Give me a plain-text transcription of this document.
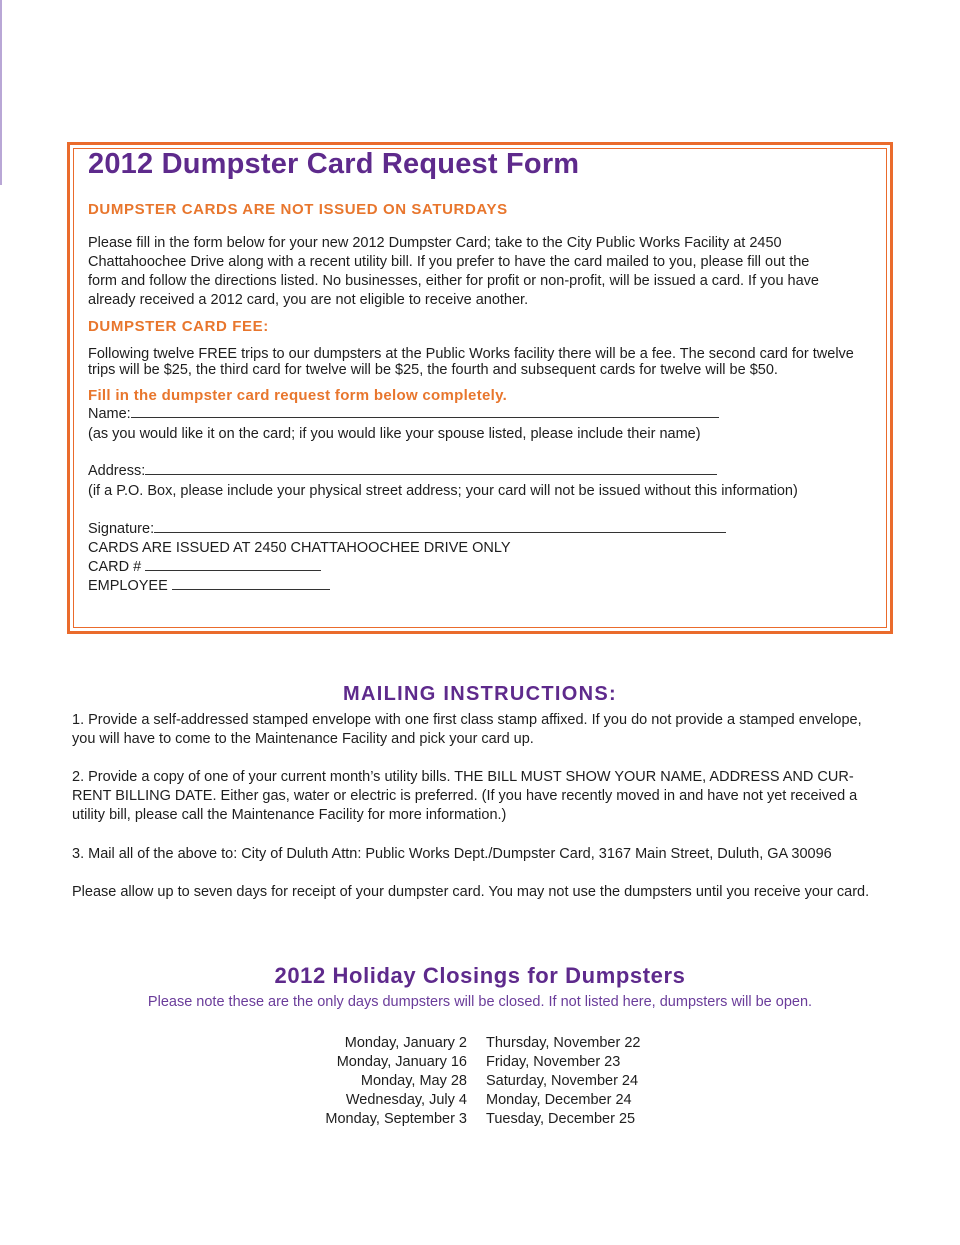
2012 Dumpster Card Request Form
DUMPSTER CARDS ARE NOT ISSUED ON SATURDAYS
Please fill in the form below for your new 2012 Dumpster Card; take to the City Public Works Facility at 2450
Chattahoochee Drive along with a recent utility bill. If you prefer to have the card mailed to you, please fill out the
form and follow the directions listed. No businesses, either for profit or non-profit, will be issued a card. If you have
already received a 2012 card, you are not eligible to receive another.
DUMPSTER CARD FEE:
Following twelve FREE trips to our dumpsters at the Public Works facility there will be a fee. The second card for twelve
trips will be $25, the third card for twelve will be $25, the fourth and subsequent cards for twelve will be $50.
Fill in the dumpster card request form below completely.
Name:
(as you would like it on the card; if you would like your spouse listed, please include their name)
Address:
(if a P.O. Box, please include your physical street address; your card will not be issued without this information)
Signature:
CARDS ARE ISSUED AT 2450 CHATTAHOOCHEE DRIVE ONLY
CARD #
EMPLOYEE
MAILING INSTRUCTIONS:
1. Provide a self-addressed stamped envelope with one first class stamp affixed. If you do not provide a stamped envelope,
you will have to come to the Maintenance Facility and pick your card up.
2. Provide a copy of one of your current month’s utility bills. THE BILL MUST SHOW YOUR NAME, ADDRESS AND CUR-
RENT BILLING DATE. Either gas, water or electric is preferred. (If you have recently moved in and have not yet received a
utility bill, please call the Maintenance Facility for more information.)
3. Mail all of the above to: City of Duluth Attn: Public Works Dept./Dumpster Card, 3167 Main Street, Duluth, GA 30096
Please allow up to seven days for receipt of your dumpster card. You may not use the dumpsters until you receive your card.
2012 Holiday Closings for Dumpsters
Please note these are the only days dumpsters will be closed. If not listed here, dumpsters will be open.
Monday, January 2
Monday, January 16
Monday, May 28
Wednesday, July 4
Monday, September 3
Thursday, November 22
Friday, November 23
Saturday, November 24
Monday, December 24
Tuesday, December 25
